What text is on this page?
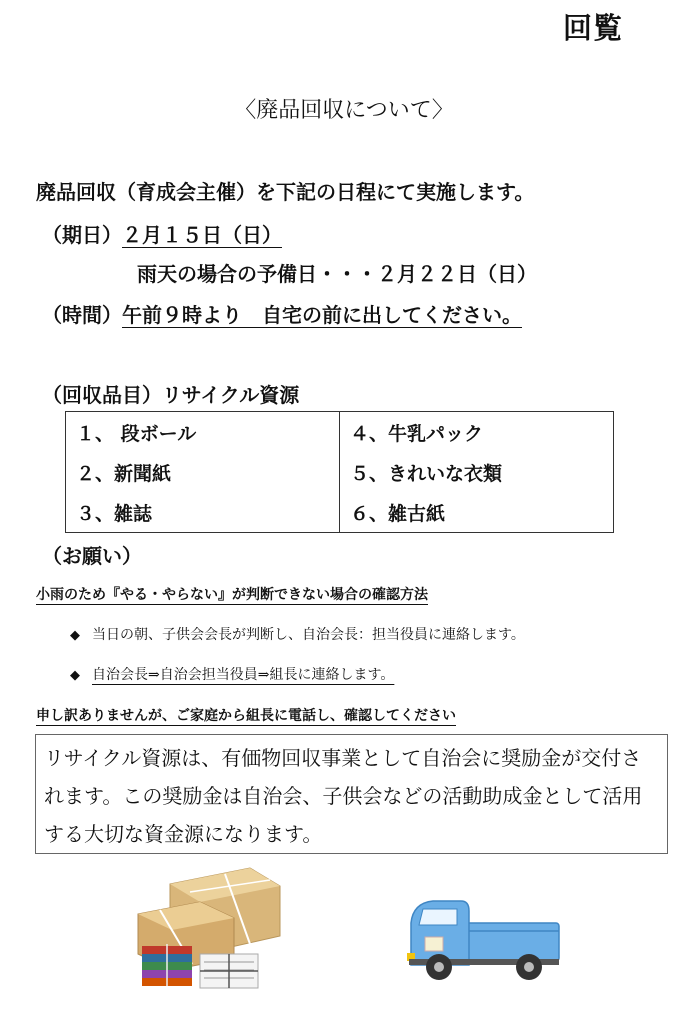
回覧
〈廃品回収について〉
廃品回収（育成会主催）を下記の日程にて実施します。
（期日）２月１５日（日）
雨天の場合の予備日・・・２月２２日（日）
（時間）午前９時より　自宅の前に出してください。
（回収品目）リサイクル資源
１、 段ボール	４、牛乳パック
２、新聞紙	５、きれいな衣類
３、雑誌	６、雑古紙
（お願い）
小雨のため『やる・やらない』が判断できない場合の確認方法
◆ 当日の朝、子供会会長が判断し、自治会長：担当役員に連絡します。
◆ 自治会長⇒自治会担当役員⇒組長に連絡します。
申し訳ありませんが、ご家庭から組長に電話し、確認してください
リサイクル資源は、有価物回収事業として自治会に奨励金が交付されます。この奨励金は自治会、子供会などの活動助成金として活用する大切な資金源になります。
